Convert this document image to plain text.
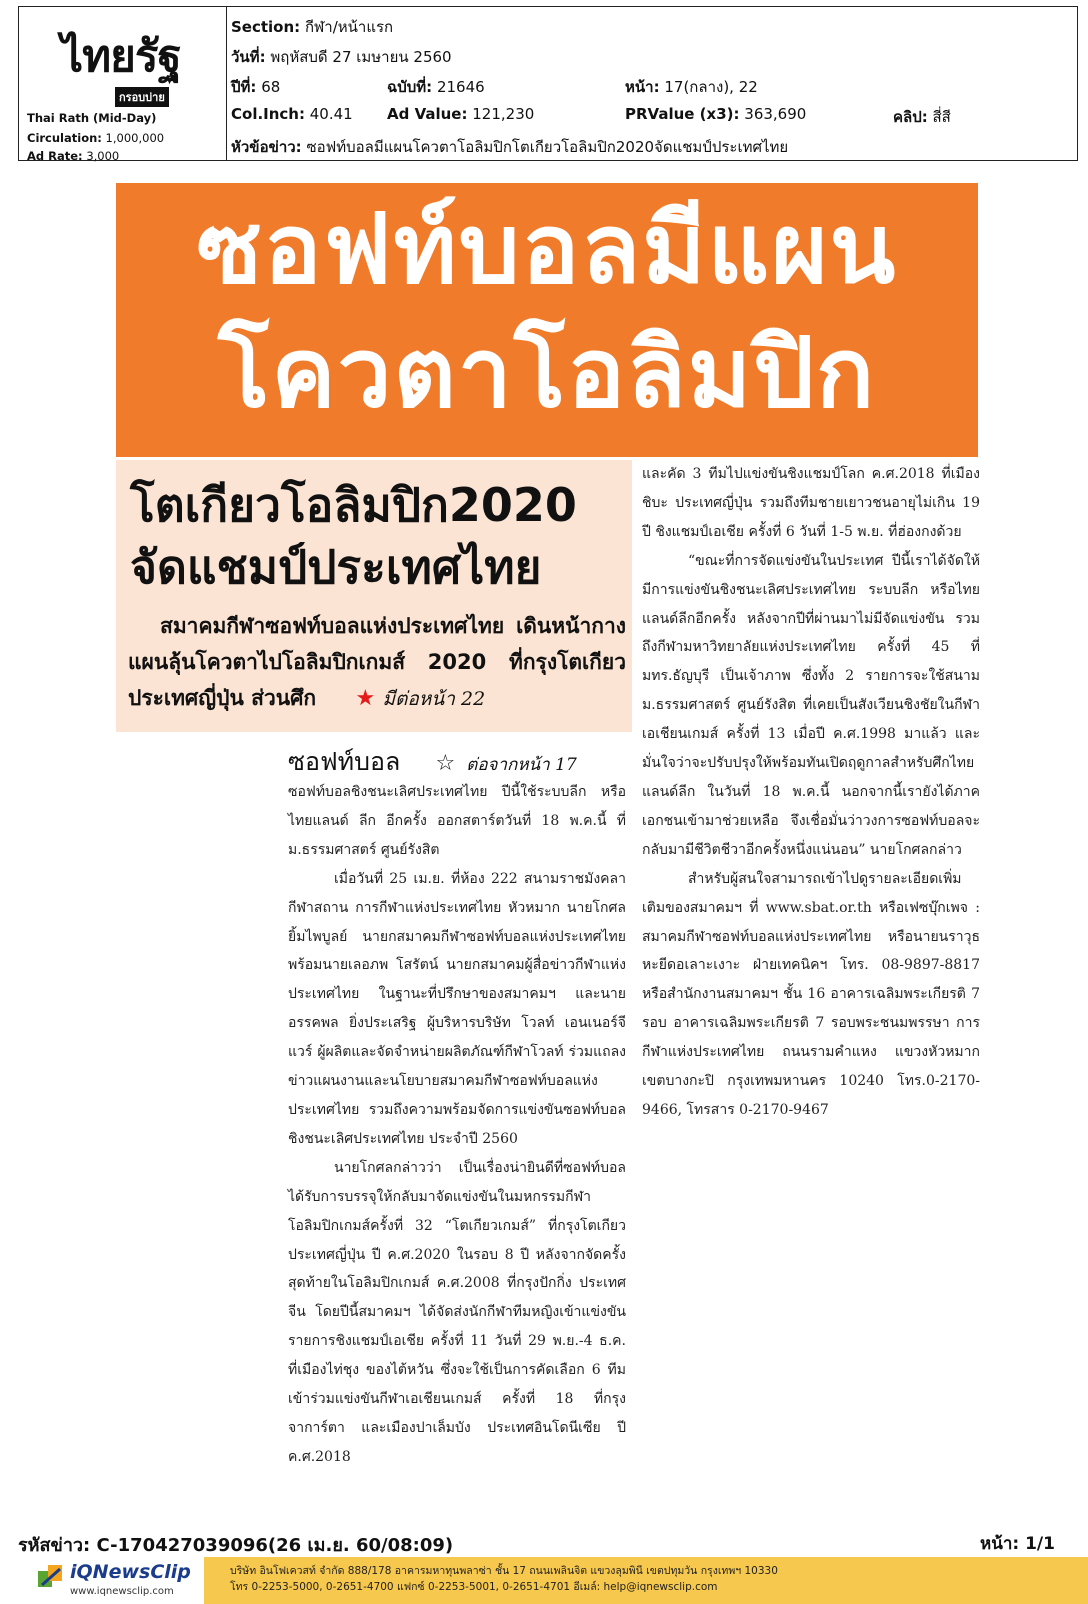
ไทยรัฐ
กรอบบ่าย
Thai Rath (Mid-Day)
Circulation: 1,000,000
Ad Rate: 3,000
Section: กีฬา/หน้าแรก
วันที่: พฤหัสบดี 27 เมษายน 2560
ปีที่: 68	ฉบับที่: 21646	หน้า: 17(กลาง), 22
Col.Inch: 40.41 Ad Value: 121,230	PRValue (x3): 363,690	คลิป: สี่สี
หัวข้อข่าว: ซอฟท์บอลมีแผนโควตาโอลิมปิกโตเกียวโอลิมปิก2020จัดแชมป์ประเทศไทย
ซอฟท์บอลมีแผน
โควตาโอลิมปิก
โตเกียวโอลิมปิก2020
จัดแชมป์ประเทศไทย
สมาคมกีฬาซอฟท์บอลแห่งประเทศไทย เดินหน้ากางแผนลุ้นโควตาไปโอลิมปิกเกมส์ 2020 ที่กรุงโตเกียว ประเทศญี่ปุ่น ส่วนศึก ★ มีต่อหน้า 22
ซอฟท์บอล ☆ ต่อจากหน้า 17

ซอฟท์บอลชิงชนะเลิศประเทศไทย ปีนี้ใช้ระบบลีก หรือไทยแลนด์ ลีก อีกครั้ง ออกสตาร์ตวันที่ 18 พ.ค.นี้ ที่ ม.ธรรมศาสตร์ ศูนย์รังสิต

เมื่อวันที่ 25 เม.ย. ที่ห้อง 222 สนามราชมังคลากีฬาสถาน การกีฬาแห่งประเทศไทย หัวหมาก นายโกศล ยิ้มไพบูลย์ นายกสมาคมกีฬาซอฟท์บอลแห่งประเทศไทย พร้อมนายเลอภพ โสรัตน์ นายกสมาคมผู้สื่อข่าวกีฬาแห่งประเทศไทย ในฐานะที่ปรึกษาของสมาคมฯ และนายอรรคพล ยิ่งประเสริฐ ผู้บริหารบริษัท โวลท์ เอนเนอร์จี แวร์ ผู้ผลิตและจัดจำหน่ายผลิตภัณฑ์กีฬาโวลท์ ร่วมแถลงข่าวแผนงานและนโยบายสมาคมกีฬาซอฟท์บอลแห่งประเทศไทย รวมถึงความพร้อมจัดการแข่งขันซอฟท์บอลชิงชนะเลิศประเทศไทย ประจำปี 2560

นายโกศลกล่าวว่า เป็นเรื่องน่ายินดีที่ซอฟท์บอลได้รับการบรรจุให้กลับมาจัดแข่งขันในมหกรรมกีฬาโอลิมปิกเกมส์ครั้งที่ 32 “โตเกียวเกมส์” ที่กรุงโตเกียว ประเทศญี่ปุ่น ปี ค.ศ.2020 ในรอบ 8 ปี หลังจากจัดครั้งสุดท้ายในโอลิมปิกเกมส์ ค.ศ.2008 ที่กรุงปักกิ่ง ประเทศจีน โดยปีนี้สมาคมฯ ได้จัดส่งนักกีฬาทีมหญิงเข้าแข่งขันรายการชิงแชมป์เอเชีย ครั้งที่ 11 วันที่ 29 พ.ย.-4 ธ.ค. ที่เมืองไท่ชุง ของไต้หวัน ซึ่งจะใช้เป็นการคัดเลือก 6 ทีมเข้าร่วมแข่งขันกีฬาเอเชียนเกมส์ ครั้งที่ 18 ที่กรุงจาการ์ตา และเมืองปาเล็มบัง ประเทศอินโดนีเซีย ปี ค.ศ.2018

และคัด 3 ทีมไปแข่งขันชิงแชมป์โลก ค.ศ.2018 ที่เมืองชิบะ ประเทศญี่ปุ่น รวมถึงทีมชายเยาวชนอายุไม่เกิน 19 ปี ชิงแชมป์เอเชีย ครั้งที่ 6 วันที่ 1-5 พ.ย. ที่ฮ่องกงด้วย

“ขณะที่การจัดแข่งขันในประเทศ ปีนี้เราได้จัดให้มีการแข่งขันชิงชนะเลิศประเทศไทย ระบบลีก หรือไทยแลนด์ลีกอีกครั้ง หลังจากปีที่ผ่านมาไม่มีจัดแข่งขัน รวมถึงกีฬามหาวิทยาลัยแห่งประเทศไทย ครั้งที่ 45 ที่ มทร.ธัญบุรี เป็นเจ้าภาพ ซึ่งทั้ง 2 รายการจะใช้สนาม ม.ธรรมศาสตร์ ศูนย์รังสิต ที่เคยเป็นสังเวียนชิงชัยในกีฬาเอเชียนเกมส์ ครั้งที่ 13 เมื่อปี ค.ศ.1998 มาแล้ว และมั่นใจว่าจะปรับปรุงให้พร้อมทันเปิดฤดูกาลสำหรับศึกไทยแลนด์ลีก ในวันที่ 18 พ.ค.นี้ นอกจากนี้เรายังได้ภาคเอกชนเข้ามาช่วยเหลือ จึงเชื่อมั่นว่าวงการซอฟท์บอลจะกลับมามีชีวิตชีวาอีกครั้งหนึ่งแน่นอน” นายโกศลกล่าว

สำหรับผู้สนใจสามารถเข้าไปดูรายละเอียดเพิ่มเติมของสมาคมฯ ที่ www.sbat.or.th หรือเฟซบุ๊กเพจ : สมาคมกีฬาซอฟท์บอลแห่งประเทศไทย หรือนายนราวุธ หะยีดอเลาะเงาะ ฝ่ายเทคนิคฯ โทร. 08-9897-8817 หรือสำนักงานสมาคมฯ ชั้น 16 อาคารเฉลิมพระเกียรติ 7 รอบ อาคารเฉลิมพระเกียรติ 7 รอบพระชนมพรรษา การกีฬาแห่งประเทศไทย ถนนรามคำแหง แขวงหัวหมาก เขตบางกะปิ กรุงเทพมหานคร 10240 โทร.0-2170-9466, โทรสาร 0-2170-9467

รหัสข่าว: C-170427039096(26 เม.ย. 60/08:09)	หน้า: 1/1
iQNewsClip
www.iqnewsclip.com
บริษัท อินโฟเควสท์ จำกัด 888/178 อาคารมหาทุนพลาซ่า ชั้น 17 ถนนเพลินจิต แขวงลุมพินี เขตปทุมวัน กรุงเทพฯ 10330
โทร 0-2253-5000, 0-2651-4700 แฟกซ์ 0-2253-5001, 0-2651-4701 อีเมล์: help@iqnewsclip.com
